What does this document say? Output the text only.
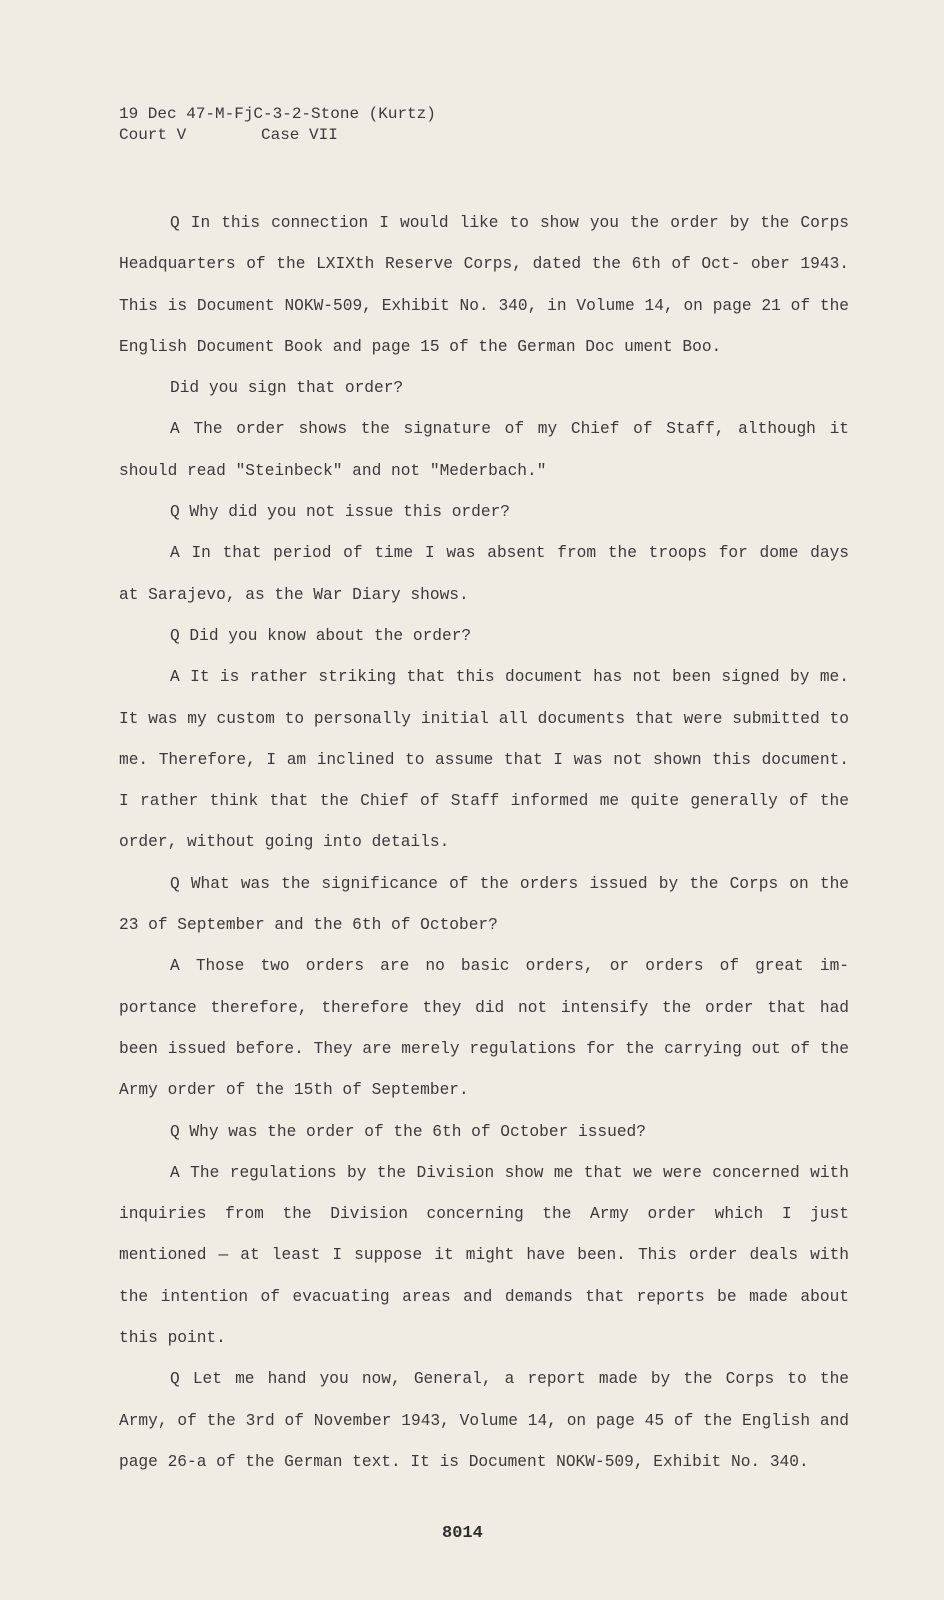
19 Dec 47-M-FjC-3-2-Stone (Kurtz)
Court V	Case VII

Q In this connection I would like to show you the order by the Corps Headquarters of the LXIXth Reserve Corps, dated the 6th of Oct- ober 1943. This is Document NOKW-509, Exhibit No. 340, in Volume 14, on page 21 of the English Document Book and page 15 of the German Doc ument Boo.

Did you sign that order?

A The order shows the signature of my Chief of Staff, although it should read "Steinbeck" and not "Mederbach."

Q Why did you not issue this order?

A In that period of time I was absent from the troops for dome days at Sarajevo, as the War Diary shows.

Q Did you know about the order?

A It is rather striking that this document has not been signed by me. It was my custom to personally initial all documents that were submitted to me. Therefore, I am inclined to assume that I was not shown this document. I rather think that the Chief of Staff informed me quite generally of the order, without going into details.

Q What was the significance of the orders issued by the Corps on the 23 of September and the 6th of October?

A Those two orders are no basic orders, or orders of great im- portance therefore, therefore they did not intensify the order that had been issued before. They are merely regulations for the carrying out of the Army order of the 15th of September.

Q Why was the order of the 6th of October issued?

A The regulations by the Division show me that we were concerned with inquiries from the Division concerning the Army order which I just mentioned — at least I suppose it might have been. This order deals with the intention of evacuating areas and demands that reports be made about this point.

Q Let me hand you now, General, a report made by the Corps to the Army, of the 3rd of November 1943, Volume 14, on page 45 of the English and page 26-a of the German text. It is Document NOKW-509, Exhibit No. 340.

8014
